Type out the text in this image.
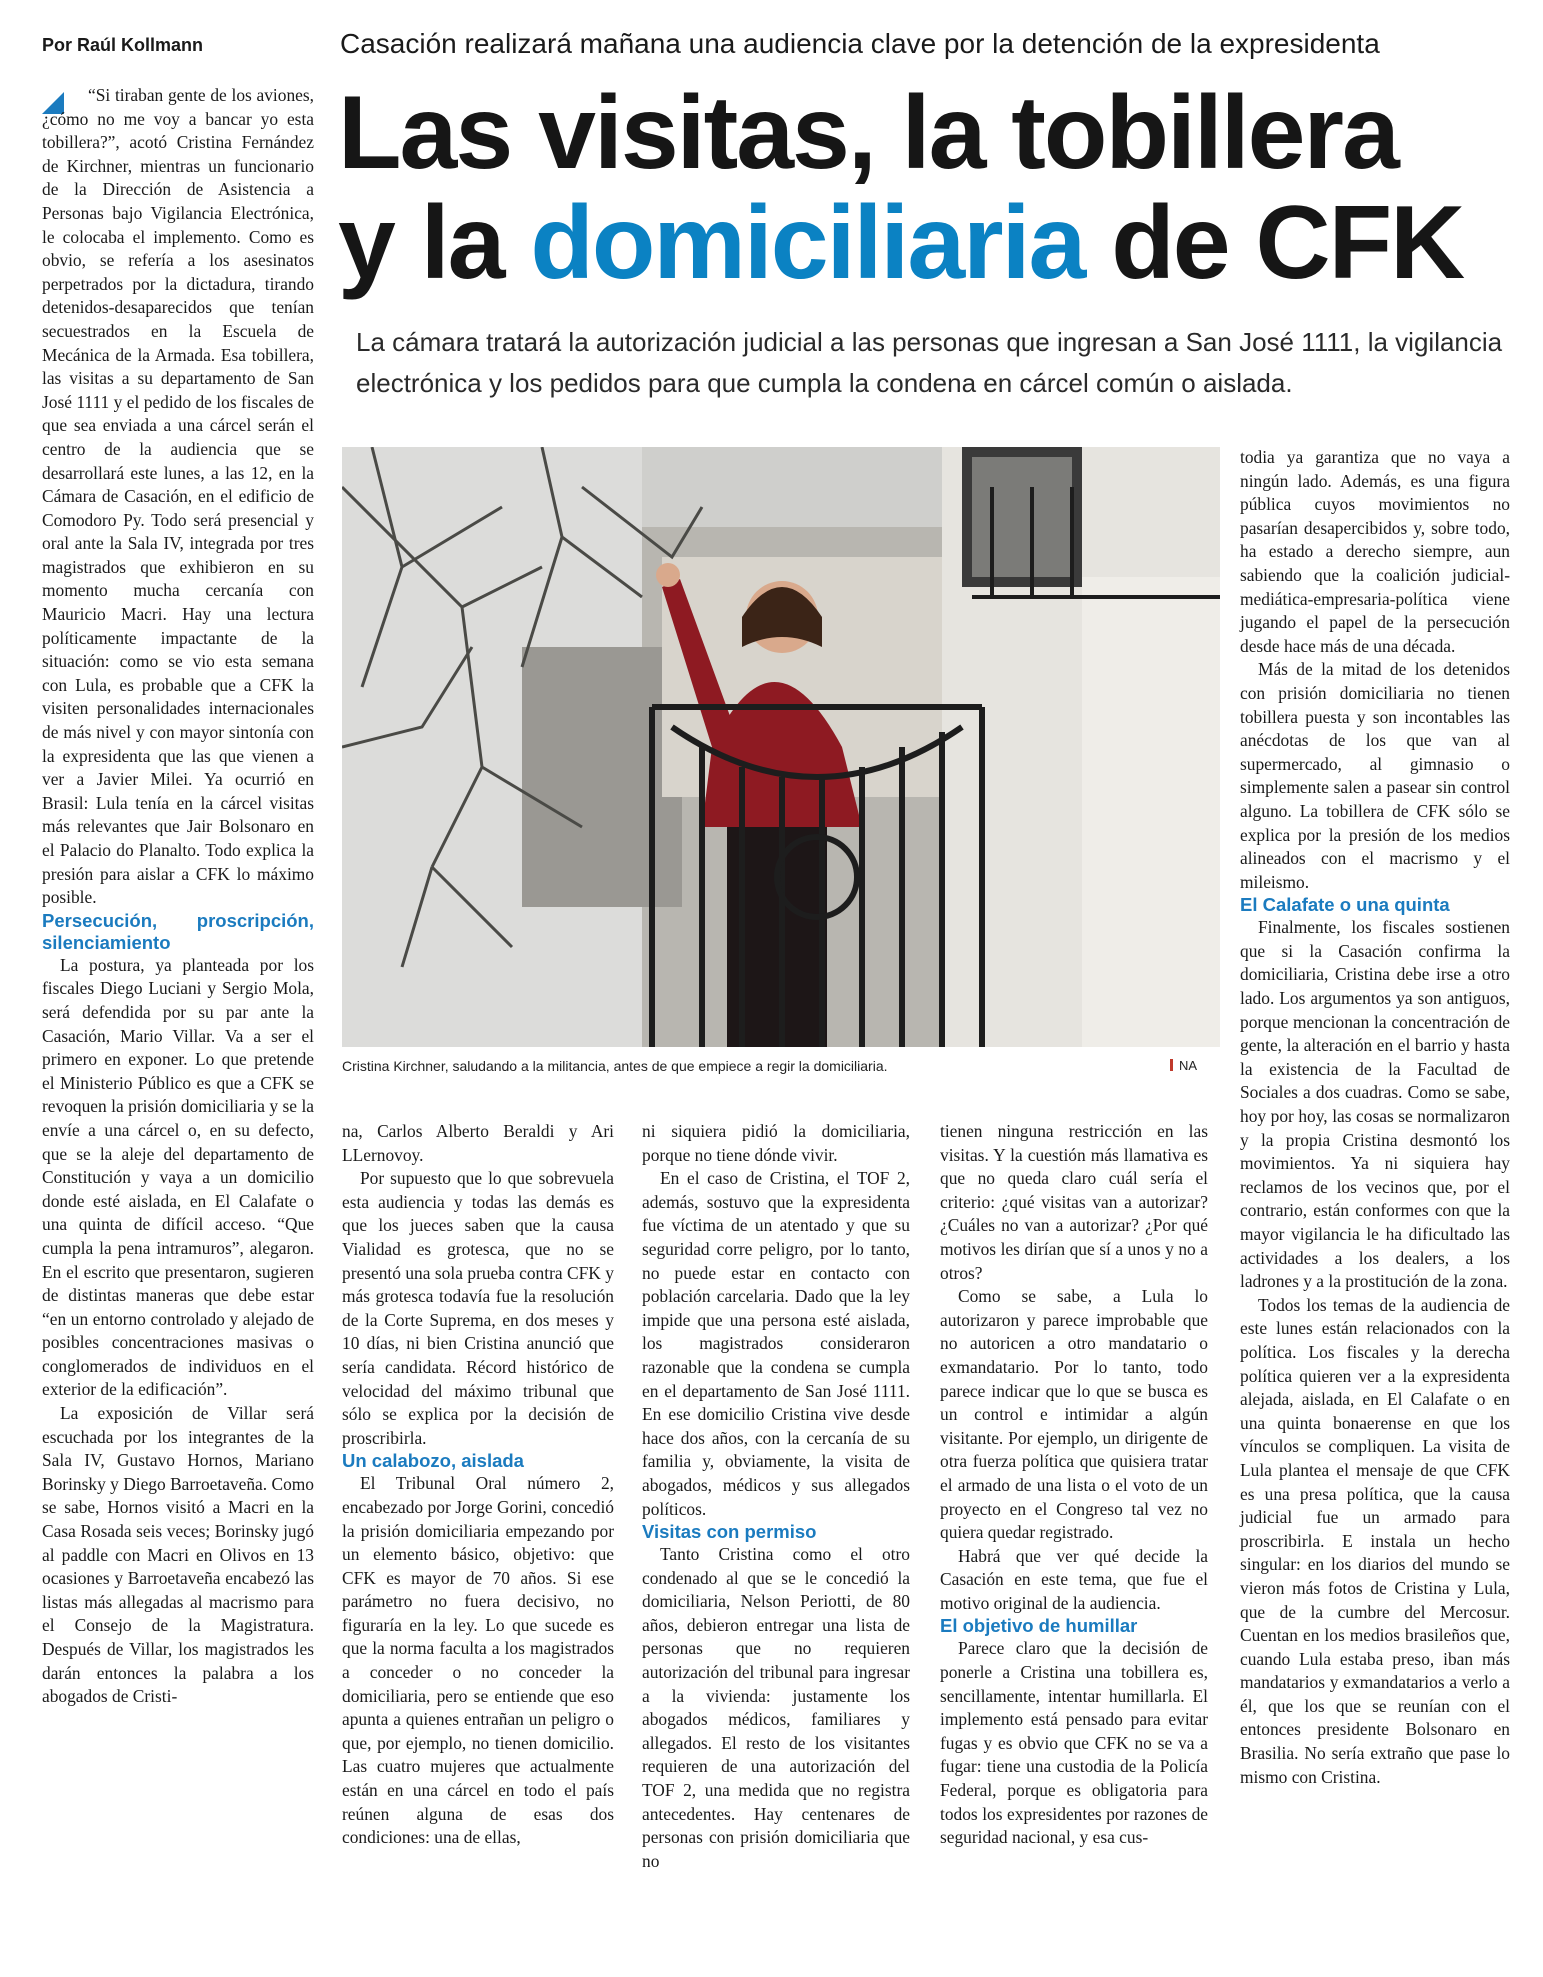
Por Raúl Kollmann	Casación realizará mañana una audiencia clave por la detención de la expresidenta
Las visitas, la tobillera
y la domiciliaria de CFK
La cámara tratará la autorización judicial a las personas que ingresan a San José 1111, la vigilancia electrónica y los pedidos para que cumpla la condena en cárcel común o aislada.

“Si tiraban gente de los aviones, ¿cómo no me voy a bancar yo esta tobillera?”, acotó Cristina Fernández de Kirchner, mientras un funcionario de la Dirección de Asistencia a Personas bajo Vigilancia Electrónica, le colocaba el implemento. Como es obvio, se refería a los asesinatos perpetrados por la dictadura, tirando detenidos-desaparecidos que tenían secuestrados en la Escuela de Mecánica de la Armada. Esa tobillera, las visitas a su departamento de San José 1111 y el pedido de los fiscales de que sea enviada a una cárcel serán el centro de la audiencia que se desarrollará este lunes, a las 12, en la Cámara de Casación, en el edificio de Comodoro Py. Todo será presencial y oral ante la Sala IV, integrada por tres magistrados que exhibieron en su momento mucha cercanía con Mauricio Macri. Hay una lectura políticamente impactante de la situación: como se vio esta semana con Lula, es probable que a CFK la visiten personalidades internacionales de más nivel y con mayor sintonía con la expresidenta que las que vienen a ver a Javier Milei. Ya ocurrió en Brasil: Lula tenía en la cárcel visitas más relevantes que Jair Bolsonaro en el Palacio do Planalto. Todo explica la presión para aislar a CFK lo máximo posible.

Persecución, proscripción, silenciamiento

La postura, ya planteada por los fiscales Diego Luciani y Sergio Mola, será defendida por su par ante la Casación, Mario Villar. Va a ser el primero en exponer. Lo que pretende el Ministerio Público es que a CFK se revoquen la prisión domiciliaria y se la envíe a una cárcel o, en su defecto, que se la aleje del departamento de Constitución y vaya a un domicilio donde esté aislada, en El Calafate o una quinta de difícil acceso. “Que cumpla la pena intramuros”, alegaron. En el escrito que presentaron, sugieren de distintas maneras que debe estar “en un entorno controlado y alejado de posibles concentraciones masivas o conglomerados de individuos en el exterior de la edificación”.

La exposición de Villar será escuchada por los integrantes de la Sala IV, Gustavo Hornos, Mariano Borinsky y Diego Barroetaveña. Como se sabe, Hornos visitó a Macri en la Casa Rosada seis veces; Borinsky jugó al paddle con Macri en Olivos en 13 ocasiones y Barroetaveña encabezó las listas más allegadas al macrismo para el Consejo de la Magistratura. Después de Villar, los magistrados les darán entonces la palabra a los abogados de Cristi-

Cristina Kirchner, saludando a la militancia, antes de que empiece a regir la domiciliaria.	NA

na, Carlos Alberto Beraldi y Ari LLernovoy.

Por supuesto que lo que sobrevuela esta audiencia y todas las demás es que los jueces saben que la causa Vialidad es grotesca, que no se presentó una sola prueba contra CFK y más grotesca todavía fue la resolución de la Corte Suprema, en dos meses y 10 días, ni bien Cristina anunció que sería candidata. Récord histórico de velocidad del máximo tribunal que sólo se explica por la decisión de proscribirla.

Un calabozo, aislada

El Tribunal Oral número 2, encabezado por Jorge Gorini, concedió la prisión domiciliaria empezando por un elemento básico, objetivo: que CFK es mayor de 70 años. Si ese parámetro no fuera decisivo, no figuraría en la ley. Lo que sucede es que la norma faculta a los magistrados a conceder o no conceder la domiciliaria, pero se entiende que eso apunta a quienes entrañan un peligro o que, por ejemplo, no tienen domicilio. Las cuatro mujeres que actualmente están en una cárcel en todo el país reúnen alguna de esas dos condiciones: una de ellas,

ni siquiera pidió la domiciliaria, porque no tiene dónde vivir.

En el caso de Cristina, el TOF 2, además, sostuvo que la expresidenta fue víctima de un atentado y que su seguridad corre peligro, por lo tanto, no puede estar en contacto con población carcelaria. Dado que la ley impide que una persona esté aislada, los magistrados consideraron razonable que la condena se cumpla en el departamento de San José 1111. En ese domicilio Cristina vive desde hace dos años, con la cercanía de su familia y, obviamente, la visita de abogados, médicos y sus allegados políticos.

Visitas con permiso

Tanto Cristina como el otro condenado al que se le concedió la domiciliaria, Nelson Periotti, de 80 años, debieron entregar una lista de personas que no requieren autorización del tribunal para ingresar a la vivienda: justamente los abogados médicos, familiares y allegados. El resto de los visitantes requieren de una autorización del TOF 2, una medida que no registra antecedentes. Hay centenares de personas con prisión domiciliaria que no

tienen ninguna restricción en las visitas. Y la cuestión más llamativa es que no queda claro cuál sería el criterio: ¿qué visitas van a autorizar? ¿Cuáles no van a autorizar? ¿Por qué motivos les dirían que sí a unos y no a otros?

Como se sabe, a Lula lo autorizaron y parece improbable que no autoricen a otro mandatario o exmandatario. Por lo tanto, todo parece indicar que lo que se busca es un control e intimidar a algún visitante. Por ejemplo, un dirigente de otra fuerza política que quisiera tratar el armado de una lista o el voto de un proyecto en el Congreso tal vez no quiera quedar registrado.

Habrá que ver qué decide la Casación en este tema, que fue el motivo original de la audiencia.

El objetivo de humillar

Parece claro que la decisión de ponerle a Cristina una tobillera es, sencillamente, intentar humillarla. El implemento está pensado para evitar fugas y es obvio que CFK no se va a fugar: tiene una custodia de la Policía Federal, porque es obligatoria para todos los expresidentes por razones de seguridad nacional, y esa cus-

todia ya garantiza que no vaya a ningún lado. Además, es una figura pública cuyos movimientos no pasarían desapercibidos y, sobre todo, ha estado a derecho siempre, aun sabiendo que la coalición judicial-mediática-empresaria-política viene jugando el papel de la persecución desde hace más de una década.

Más de la mitad de los detenidos con prisión domiciliaria no tienen tobillera puesta y son incontables las anécdotas de los que van al supermercado, al gimnasio o simplemente salen a pasear sin control alguno. La tobillera de CFK sólo se explica por la presión de los medios alineados con el macrismo y el mileismo.

El Calafate o una quinta

Finalmente, los fiscales sostienen que si la Casación confirma la domiciliaria, Cristina debe irse a otro lado. Los argumentos ya son antiguos, porque mencionan la concentración de gente, la alteración en el barrio y hasta la existencia de la Facultad de Sociales a dos cuadras. Como se sabe, hoy por hoy, las cosas se normalizaron y la propia Cristina desmontó los movimientos. Ya ni siquiera hay reclamos de los vecinos que, por el contrario, están conformes con que la mayor vigilancia le ha dificultado las actividades a los dealers, a los ladrones y a la prostitución de la zona.

Todos los temas de la audiencia de este lunes están relacionados con la política. Los fiscales y la derecha política quieren ver a la expresidenta alejada, aislada, en El Calafate o en una quinta bonaerense en que los vínculos se compliquen. La visita de Lula plantea el mensaje de que CFK es una presa política, que la causa judicial fue un armado para proscribirla. E instala un hecho singular: en los diarios del mundo se vieron más fotos de Cristina y Lula, que de la cumbre del Mercosur. Cuentan en los medios brasileños que, cuando Lula estaba preso, iban más mandatarios y exmandatarios a verlo a él, que los que se reunían con el entonces presidente Bolsonaro en Brasilia. No sería extraño que pase lo mismo con Cristina.
